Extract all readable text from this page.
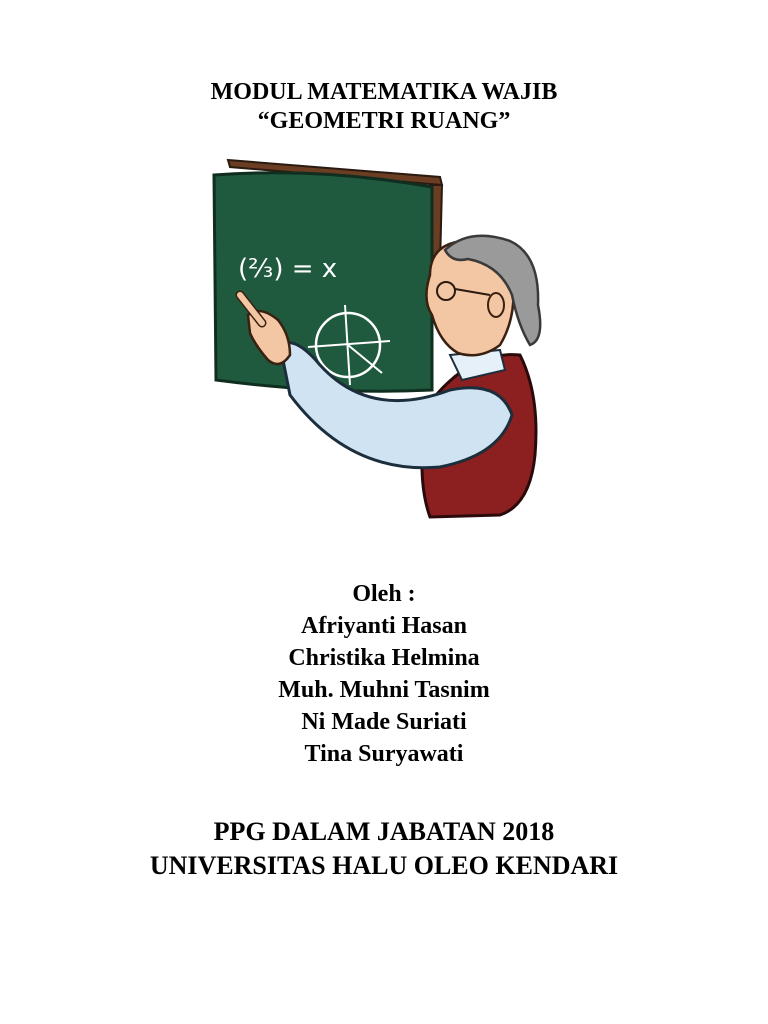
MODUL MATEMATIKA WAJIB
“GEOMETRI RUANG”
(²⁄₃) = x
Oleh :
Afriyanti Hasan
Christika Helmina
Muh. Muhni Tasnim
Ni Made Suriati
Tina Suryawati
PPG DALAM JABATAN 2018
UNIVERSITAS HALU OLEO KENDARI
